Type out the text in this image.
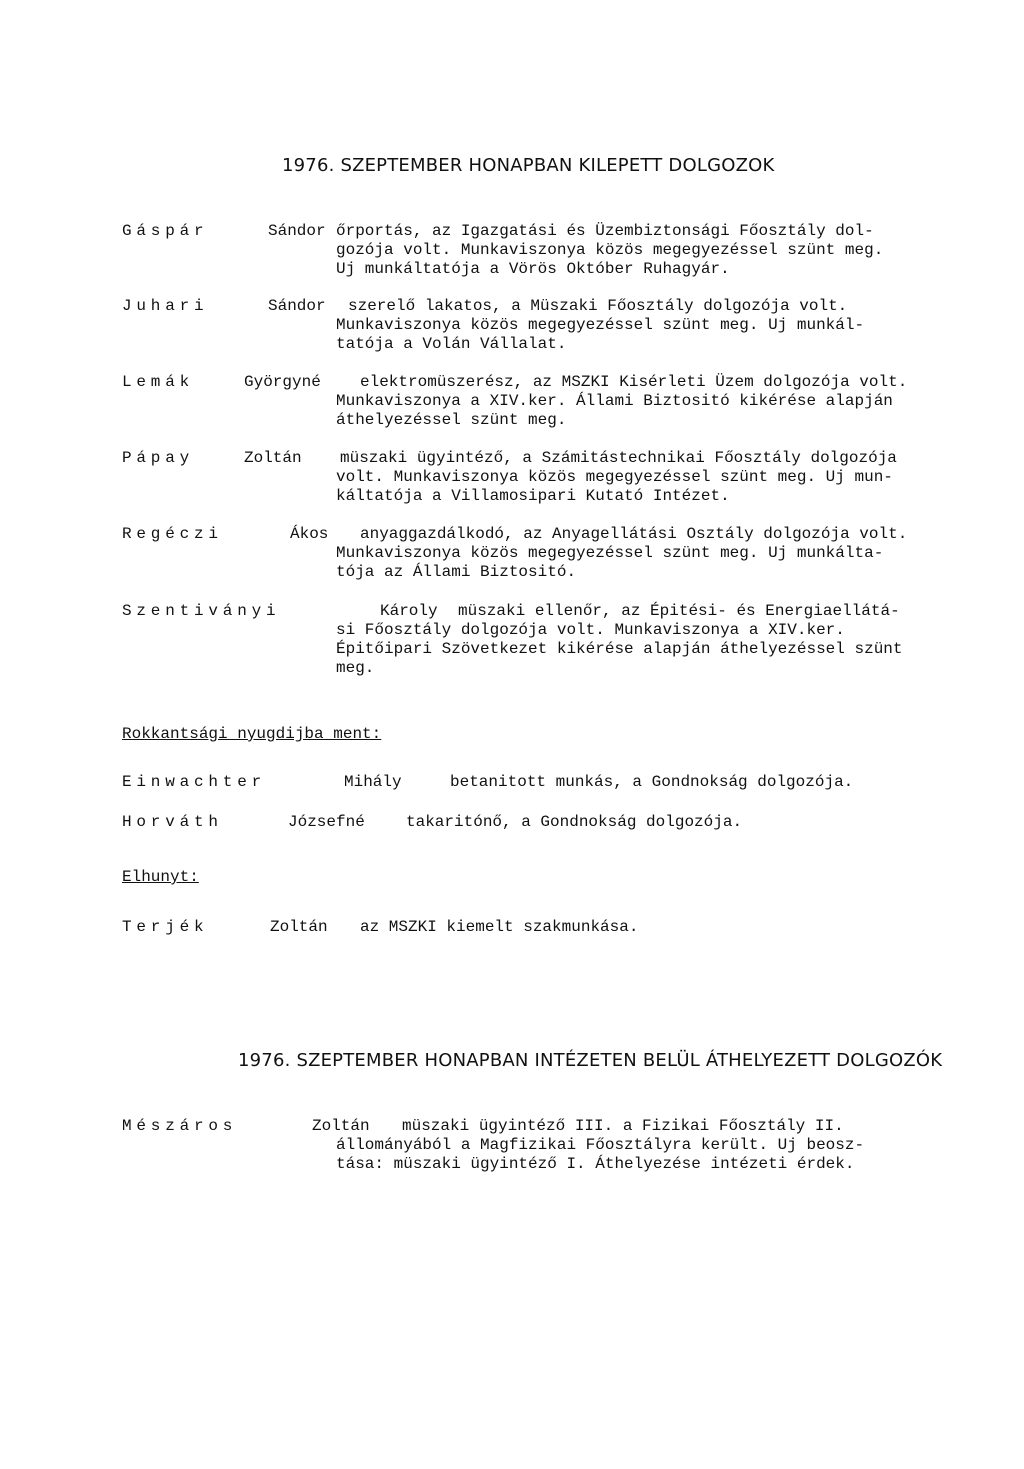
1976. SZEPTEMBER HONAPBAN KILEPETT DOLGOZOK
Gáspár	Sándor őrportás, az Igazgatási és Üzembiztonsági Főosztály dol-
gozója volt. Munkaviszonya közös megegyezéssel szünt meg.
Uj munkáltatója a Vörös Október Ruhagyár.
Juhari	Sándor szerelő lakatos, a Müszaki Főosztály dolgozója volt.
Munkaviszonya közös megegyezéssel szünt meg. Uj munkál-
tatója a Volán Vállalat.
Lemák	Györgyné elektromüszerész, az MSZKI Kisérleti Üzem dolgozója volt.
Munkaviszonya a XIV.ker. Állami Biztositó kikérése alapján
áthelyezéssel szünt meg.
Pápay	Zoltán müszaki ügyintéző, a Számitástechnikai Főosztály dolgozója
volt. Munkaviszonya közös megegyezéssel szünt meg. Uj mun-
káltatója a Villamosipari Kutató Intézet.
Regéczi	Ákos anyaggazdálkodó, az Anyagellátási Osztály dolgozója volt.
Munkaviszonya közös megegyezéssel szünt meg. Uj munkálta-
tója az Állami Biztositó.
Szentiványi	Károly müszaki ellenőr, az Épitési- és Energiaellátá-
si Főosztály dolgozója volt. Munkaviszonya a XIV.ker.
Épitőipari Szövetkezet kikérése alapján áthelyezéssel szünt
meg.
Rokkantsági nyugdijba ment:
Einwachter	Mihály	betanitott munkás, a Gondnokság dolgozója.
Horváth	Józsefné	takaritónő, a Gondnokság dolgozója.
Elhunyt:
Terjék	Zoltán az MSZKI kiemelt szakmunkása.
1976. SZEPTEMBER HONAPBAN INTÉZETEN BELÜL ÁTHELYEZETT DOLGOZÓK
Mészáros	Zoltán müszaki ügyintéző III. a Fizikai Főosztály II.
állományából a Magfizikai Főosztályra került. Uj beosz-
tása: müszaki ügyintéző I. Áthelyezése intézeti érdek.
